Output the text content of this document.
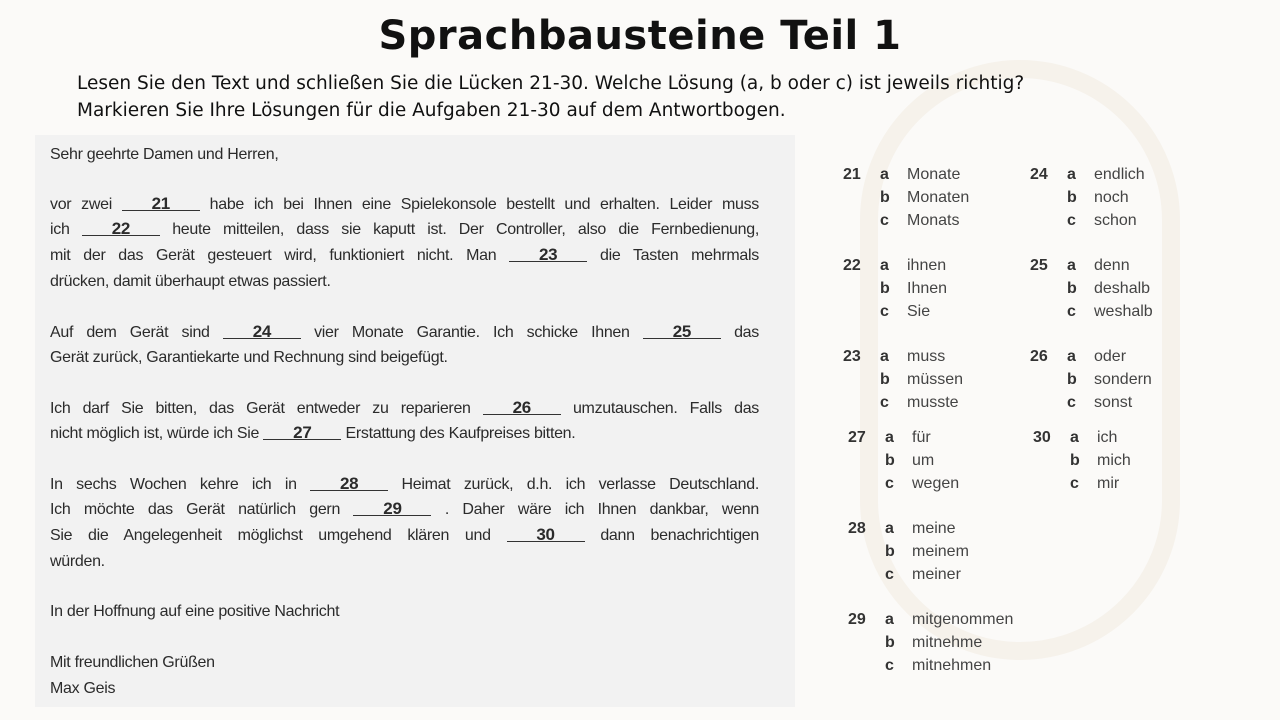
Sprachbausteine Teil 1
Lesen Sie den Text und schließen Sie die Lücken 21-30. Welche Lösung (a, b oder c) ist jeweils richtig?
Markieren Sie Ihre Lösungen für die Aufgaben 21-30 auf dem Antwortbogen.
Sehr geehrte Damen und Herren,
vor zwei 21 habe ich bei Ihnen eine Spielekonsole bestellt und erhalten. Leider muss
ich 22	heute mitteilen, dass sie kaputt ist. Der Controller, also die Fernbedienung,
mit der das Gerät gesteuert wird, funktioniert nicht. Man	23	die Tasten mehrmals
drücken, damit überhaupt etwas passiert.
Auf dem Gerät sind	24	vier Monate Garantie. Ich schicke Ihnen	25	das
Gerät zurück, Garantiekarte und Rechnung sind beigefügt.
Ich darf Sie bitten, das Gerät entweder zu reparieren 26	umzutauschen. Falls das
nicht möglich ist, würde ich Sie 27 Erstattung des Kaufpreises bitten.
In sechs Wochen kehre ich in	28	Heimat zurück, d.h. ich verlasse Deutschland.
Ich möchte das Gerät natürlich gern	29	. Daher wäre ich Ihnen dankbar, wenn
Sie die Angelegenheit möglichst umgehend klären und	30	dann benachrichtigen
würden.
In der Hoffnung auf eine positive Nachricht
Mit freundlichen Grüßen
Max Geis
21 a Monate
b Monaten
c Monats
22 a ihnen
b Ihnen
c Sie
23 a muss
b müssen
c musste
27 a für
b um
c wegen
28 a meine
b meinem
c meiner
29 a mitgenommen
b mitnehme
c mitnehmen
24 a endlich
b noch
c schon
25 a denn
b deshalb
c weshalb
26 a oder
b sondern
c sonst
30 a ich
b mich
c mir
